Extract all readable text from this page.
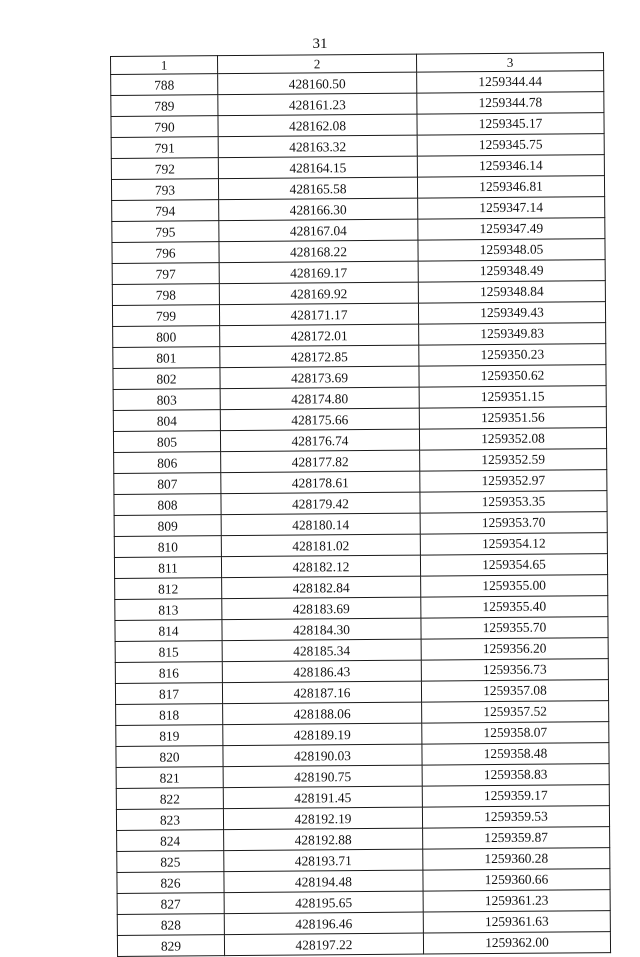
31
1	2	3
788	428160.50	1259344.44
789	428161.23	1259344.78
790	428162.08	1259345.17
791	428163.32	1259345.75
792	428164.15	1259346.14
793	428165.58	1259346.81
794	428166.30	1259347.14
795	428167.04	1259347.49
796	428168.22	1259348.05
797	428169.17	1259348.49
798	428169.92	1259348.84
799	428171.17	1259349.43
800	428172.01	1259349.83
801	428172.85	1259350.23
802	428173.69	1259350.62
803	428174.80	1259351.15
804	428175.66	1259351.56
805	428176.74	1259352.08
806	428177.82	1259352.59
807	428178.61	1259352.97
808	428179.42	1259353.35
809	428180.14	1259353.70
810	428181.02	1259354.12
811	428182.12	1259354.65
812	428182.84	1259355.00
813	428183.69	1259355.40
814	428184.30	1259355.70
815	428185.34	1259356.20
816	428186.43	1259356.73
817	428187.16	1259357.08
818	428188.06	1259357.52
819	428189.19	1259358.07
820	428190.03	1259358.48
821	428190.75	1259358.83
822	428191.45	1259359.17
823	428192.19	1259359.53
824	428192.88	1259359.87
825	428193.71	1259360.28
826	428194.48	1259360.66
827	428195.65	1259361.23
828	428196.46	1259361.63
829	428197.22	1259362.00
